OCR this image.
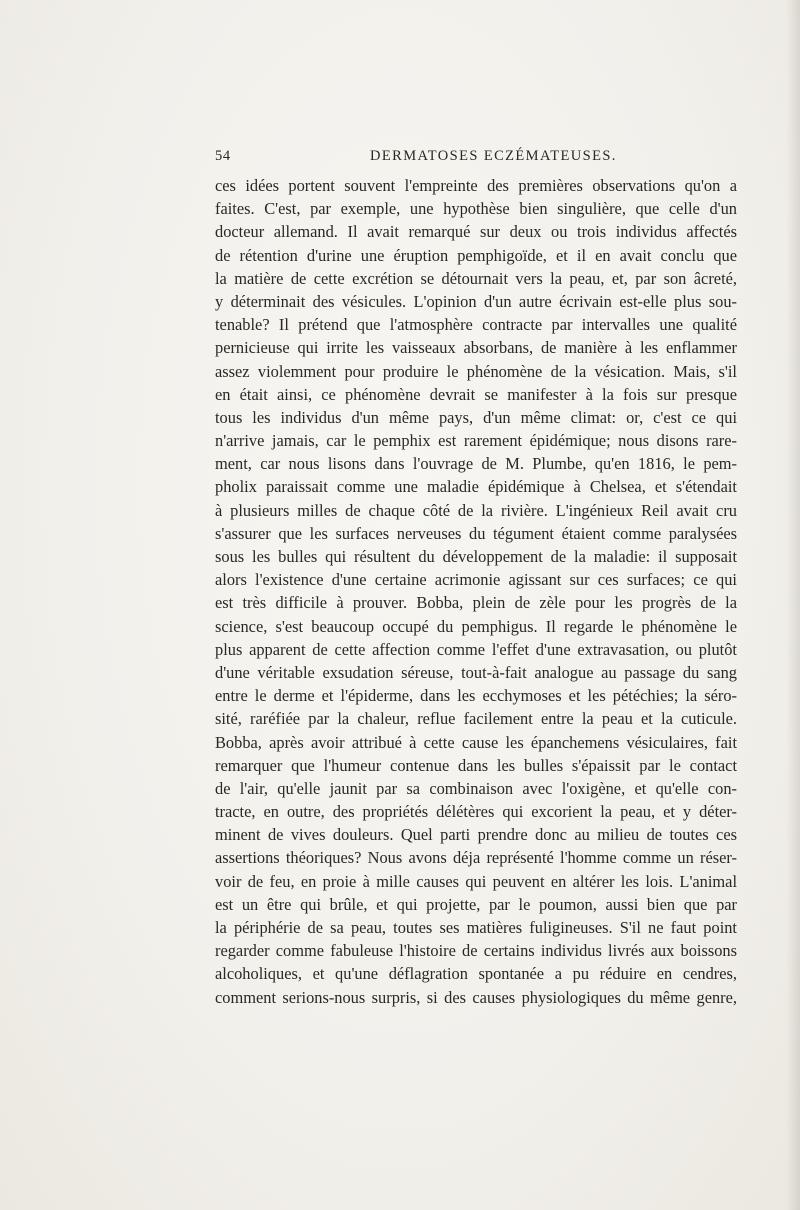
54	DERMATOSES ECZÉMATEUSES.
ces idées portent souvent l'empreinte des premières observations qu'on a
faites. C'est, par exemple, une hypothèse bien singulière, que celle d'un
docteur allemand. Il avait remarqué sur deux ou trois individus affectés
de rétention d'urine une éruption pemphigoïde, et il en avait conclu que
la matière de cette excrétion se détournait vers la peau, et, par son âcreté,
y déterminait des vésicules. L'opinion d'un autre écrivain est-elle plus sou-
tenable? Il prétend que l'atmosphère contracte par intervalles une qualité
pernicieuse qui irrite les vaisseaux absorbans, de manière à les enflammer
assez violemment pour produire le phénomène de la vésication. Mais, s'il
en était ainsi, ce phénomène devrait se manifester à la fois sur presque
tous les individus d'un même pays, d'un même climat: or, c'est ce qui
n'arrive jamais, car le pemphix est rarement épidémique; nous disons rare-
ment, car nous lisons dans l'ouvrage de M. Plumbe, qu'en 1816, le pem-
pholix paraissait comme une maladie épidémique à Chelsea, et s'étendait
à plusieurs milles de chaque côté de la rivière. L'ingénieux Reil avait cru
s'assurer que les surfaces nerveuses du tégument étaient comme paralysées
sous les bulles qui résultent du développement de la maladie: il supposait
alors l'existence d'une certaine acrimonie agissant sur ces surfaces; ce qui
est très difficile à prouver. Bobba, plein de zèle pour les progrès de la
science, s'est beaucoup occupé du pemphigus. Il regarde le phénomène le
plus apparent de cette affection comme l'effet d'une extravasation, ou plutôt
d'une véritable exsudation séreuse, tout-à-fait analogue au passage du sang
entre le derme et l'épiderme, dans les ecchymoses et les pétéchies; la séro-
sité, raréfiée par la chaleur, reflue facilement entre la peau et la cuticule.
Bobba, après avoir attribué à cette cause les épanchemens vésiculaires, fait
remarquer que l'humeur contenue dans les bulles s'épaissit par le contact
de l'air, qu'elle jaunit par sa combinaison avec l'oxigène, et qu'elle con-
tracte, en outre, des propriétés délétères qui excorient la peau, et y déter-
minent de vives douleurs. Quel parti prendre donc au milieu de toutes ces
assertions théoriques? Nous avons déja représenté l'homme comme un réser-
voir de feu, en proie à mille causes qui peuvent en altérer les lois. L'animal
est un être qui brûle, et qui projette, par le poumon, aussi bien que par
la périphérie de sa peau, toutes ses matières fuligineuses. S'il ne faut point
regarder comme fabuleuse l'histoire de certains individus livrés aux boissons
alcoholiques, et qu'une déflagration spontanée a pu réduire en cendres,
comment serions-nous surpris, si des causes physiologiques du même genre,
